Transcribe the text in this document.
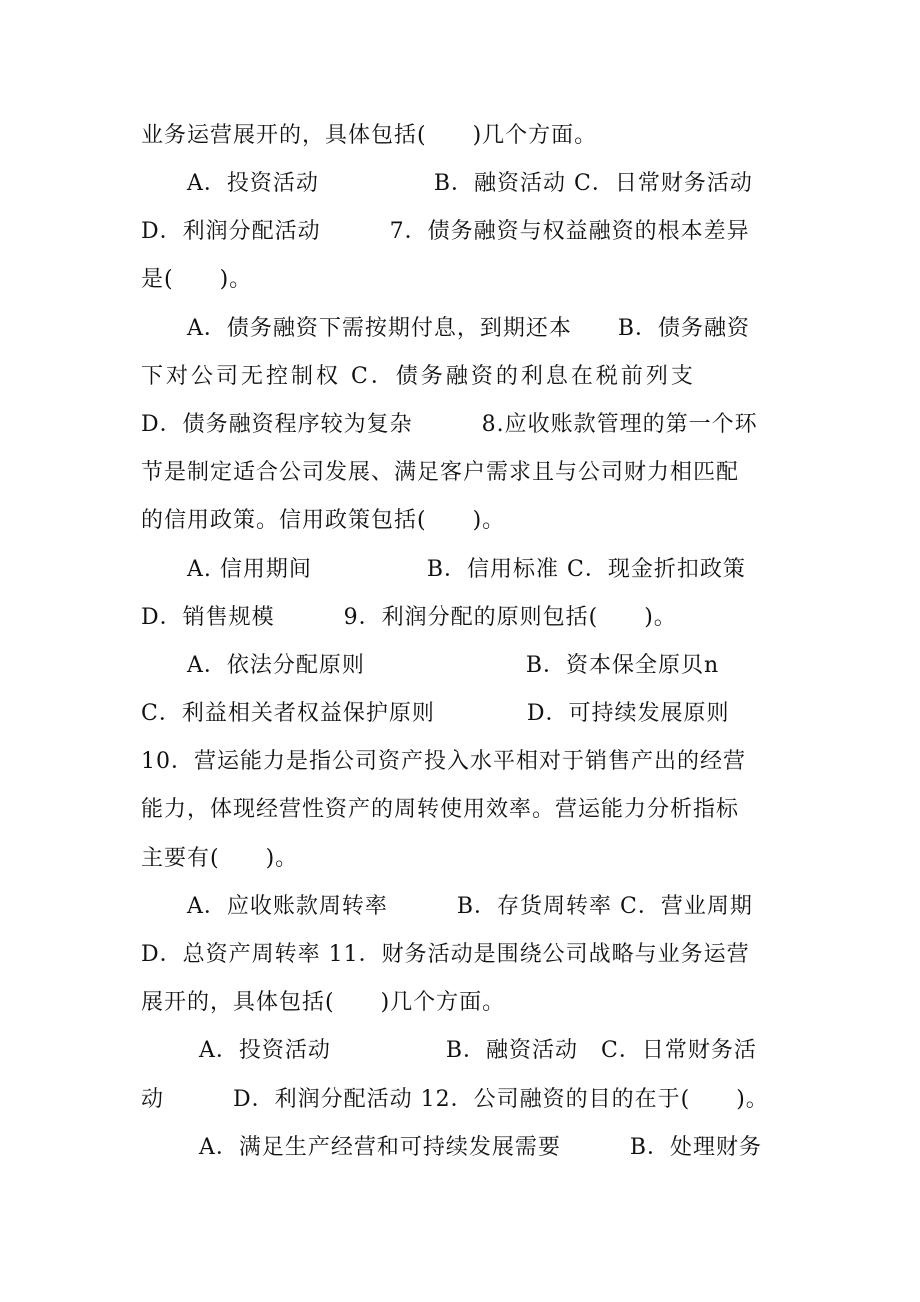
业务运营展开的，具体包括(　　)几个方面。
A．投资活动　　　　　B．融资活动 C．日常财务活动
D．利润分配活动　　　7．债务融资与权益融资的根本差异
是(　　)。
A．债务融资下需按期付息，到期还本　　B．债务融资
下对公司无控制权 C．债务融资的利息在税前列支
D．债务融资程序较为复杂　　　8.应收账款管理的第一个环
节是制定适合公司发展、满足客户需求且与公司财力相匹配
的信用政策。信用政策包括(　　)。
A. 信用期间　　　　　B．信用标准 C．现金折扣政策
D．销售规模　　　9．利润分配的原则包括(　　)。
A．依法分配原则　　　　　　　B．资本保全原贝n
C．利益相关者权益保护原则　　　　D．可持续发展原则
10．营运能力是指公司资产投入水平相对于销售产出的经营
能力，体现经营性资产的周转使用效率。营运能力分析指标
主要有(　　)。
A．应收账款周转率　　　B．存货周转率 C．营业周期
D．总资产周转率 11．财务活动是围绕公司战略与业务运营
展开的，具体包括(　　)几个方面。
A．投资活动　　　　　B．融资活动　C．日常财务活
动　　　D．利润分配活动 12．公司融资的目的在于(　　)。
A．满足生产经营和可持续发展需要　　　B．处理财务
